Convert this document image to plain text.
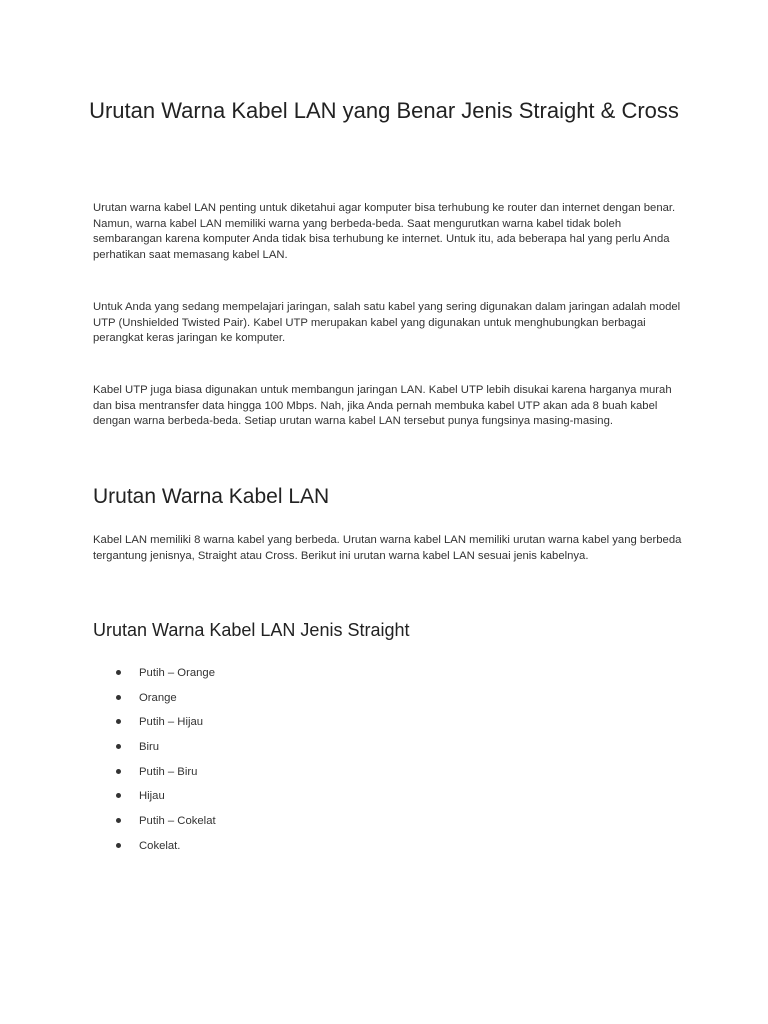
Urutan Warna Kabel LAN yang Benar Jenis Straight & Cross

Urutan warna kabel LAN penting untuk diketahui agar komputer bisa terhubung ke router dan internet dengan benar. Namun, warna kabel LAN memiliki warna yang berbeda-beda. Saat mengurutkan warna kabel tidak boleh sembarangan karena komputer Anda tidak bisa terhubung ke internet. Untuk itu, ada beberapa hal yang perlu Anda perhatikan saat memasang kabel LAN.

Untuk Anda yang sedang mempelajari jaringan, salah satu kabel yang sering digunakan dalam jaringan adalah model UTP (Unshielded Twisted Pair). Kabel UTP merupakan kabel yang digunakan untuk menghubungkan berbagai perangkat keras jaringan ke komputer.

Kabel UTP juga biasa digunakan untuk membangun jaringan LAN. Kabel UTP lebih disukai karena harganya murah dan bisa mentransfer data hingga 100 Mbps. Nah, jika Anda pernah membuka kabel UTP akan ada 8 buah kabel dengan warna berbeda-beda. Setiap urutan warna kabel LAN tersebut punya fungsinya masing-masing.

Urutan Warna Kabel LAN

Kabel LAN memiliki 8 warna kabel yang berbeda. Urutan warna kabel LAN memiliki urutan warna kabel yang berbeda tergantung jenisnya, Straight atau Cross. Berikut ini urutan warna kabel LAN sesuai jenis kabelnya.

Urutan Warna Kabel LAN Jenis Straight
Putih – Orange
Orange
Putih – Hijau
Biru
Putih – Biru
Hijau
Putih – Cokelat
Cokelat.
